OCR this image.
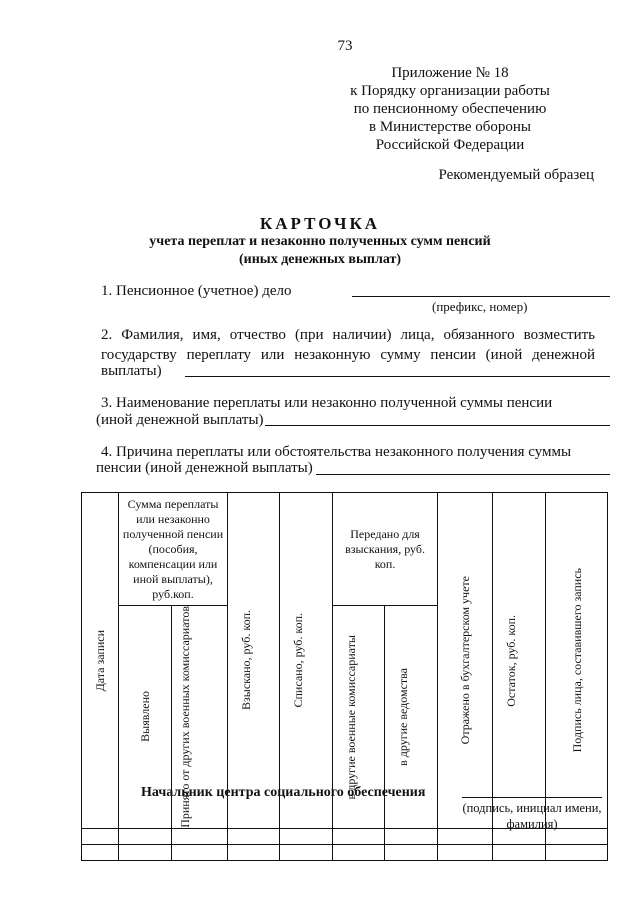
73
Приложение № 18
к Порядку организации работы
по пенсионному обеспечению
в Министерстве обороны
Российской Федерации
Рекомендуемый образец
КАРТОЧКА
учета переплат и незаконно полученных сумм пенсий
(иных денежных выплат)
1. Пенсионное (учетное) дело
(префикс, номер)
2. Фамилия, имя, отчество (при наличии) лица, обязанного возместить
государству переплату или незаконную сумму пенсии (иной денежной
выплаты)
3. Наименование переплаты или незаконно полученной суммы пенсии
(иной денежной выплаты)
4. Причина переплаты или обстоятельства незаконного получения суммы
пенсии (иной денежной выплаты)
Дата записи	Сумма переплаты или незаконно полученной пенсии (пособия, компенсации или иной выплаты), руб.коп.		Взыскано, руб. коп.	Списано, руб. коп.	Передано для взыскания, руб. коп.		Отражено в бухгалтерском учете	Остаток, руб. коп.	Подпись лица, составившего запись

	Выявлено	Принято от других военных комиссариатов			в другие военные комиссариаты	в другие ведомства			

Начальник центра социального обеспечения
(подпись, инициал имени,
фамилия)
